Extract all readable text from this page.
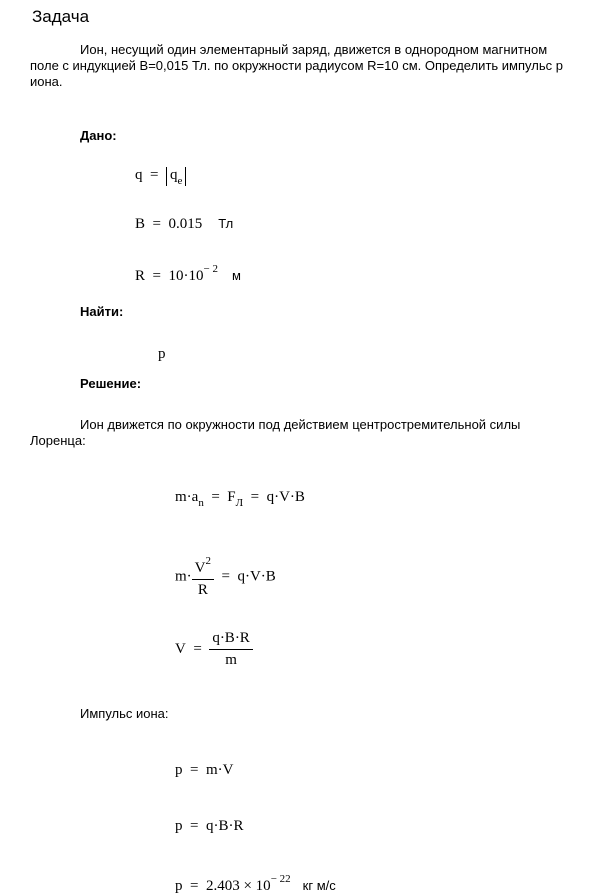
Задача
Ион, несущий один элементарный заряд, движется в однородном магнитном
поле с индукцией B=0,015 Тл. по окружности радиусом R=10 см. Определить импульс р
иона.
Дано:
$q = q_e$
B = 0.015 Тл
$R = 10\cdot 10^{- 2}$ м
Найти:
p
Решение:
Ион движется по окружности под действием центростремительной силы
Лоренца:
$m\cdot a_n = F_Л = q\cdot V\cdot B$
$m\cdot \frac{V^2}{R} = q\cdot V\cdot B$
$V = \frac{q\cdot B\cdot R}{m}$
Импульс иона:
p = m·V
p = q·B·R
$p = 2.403 \times 10^{- 22}$ кг м/с
